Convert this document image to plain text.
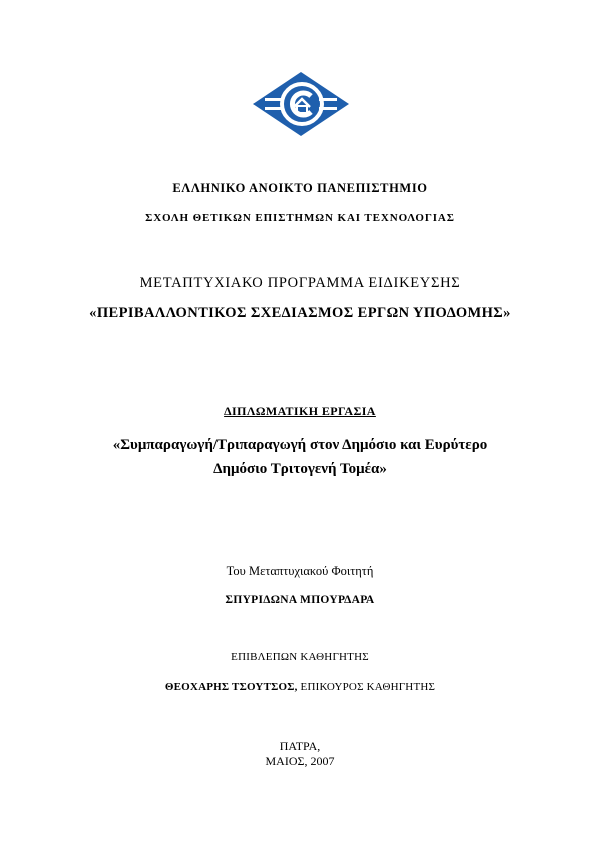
ΕΛΛΗΝΙΚΟ ΑΝΟΙΚΤΟ ΠΑΝΕΠΙΣΤΗΜΙΟ
ΣΧΟΛΗ ΘΕΤΙΚΩΝ ΕΠΙΣΤΗΜΩΝ ΚΑΙ ΤΕΧΝΟΛΟΓΙΑΣ
ΜΕΤΑΠΤΥΧΙΑΚΟ ΠΡΟΓΡΑΜΜΑ ΕΙΔΙΚΕΥΣΗΣ
«ΠΕΡΙΒΑΛΛΟΝΤΙΚΟΣ ΣΧΕΔΙΑΣΜΟΣ ΕΡΓΩΝ ΥΠΟΔΟΜΗΣ»
ΔΙΠΛΩΜΑΤΙΚΗ ΕΡΓΑΣΙΑ
«Συμπαραγωγή/Τριπαραγωγή στον Δημόσιο και Ευρύτερο
Δημόσιο Τριτογενή Τομέα»
Του Μεταπτυχιακού Φοιτητή
ΣΠΥΡΙΔΩΝΑ ΜΠΟΥΡΔΑΡΑ
ΕΠΙΒΛΕΠΩΝ ΚΑΘΗΓΗΤΗΣ
ΘΕΟΧΑΡΗΣ ΤΣΟΥΤΣΟΣ, ΕΠΙΚΟΥΡΟΣ ΚΑΘΗΓΗΤΗΣ
ΠΑΤΡΑ,
ΜΑΙΟΣ, 2007
